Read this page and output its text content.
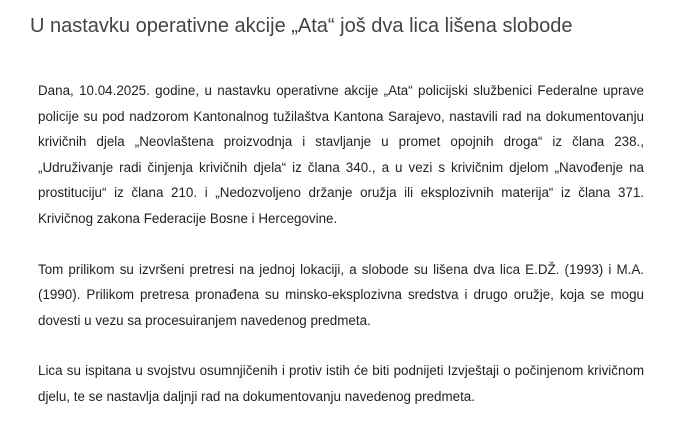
U nastavku operativne akcije „Ata“ još dva lica lišena slobode

Dana, 10.04.2025. godine, u nastavku operativne akcije „Ata“ policijski službenici Federalne uprave policije su pod nadzorom Kantonalnog tužilaštva Kantona Sarajevo, nastavili rad na dokumentovanju krivičnih djela „Neovlaštena proizvodnja i stavljanje u promet opojnih droga“ iz člana 238., „Udruživanje radi činjenja krivičnih djela“ iz člana 340., a u vezi s krivičnim djelom „Navođenje na prostituciju“ iz člana 210. i „Nedozvoljeno držanje oružja ili eksplozivnih materija“ iz člana 371. Krivičnog zakona Federacije Bosne i Hercegovine.

Tom prilikom su izvršeni pretresi na jednoj lokaciji, a slobode su lišena dva lica E.DŽ. (1993) i M.A. (1990). Prilikom pretresa pronađena su minsko-eksplozivna sredstva i drugo oružje, koja se mogu dovesti u vezu sa procesuiranjem navedenog predmeta.

Lica su ispitana u svojstvu osumnjičenih i protiv istih će biti podnijeti Izvještaji o počinjenom krivičnom djelu, te se nastavlja daljnji rad na dokumentovanju navedenog predmeta.
